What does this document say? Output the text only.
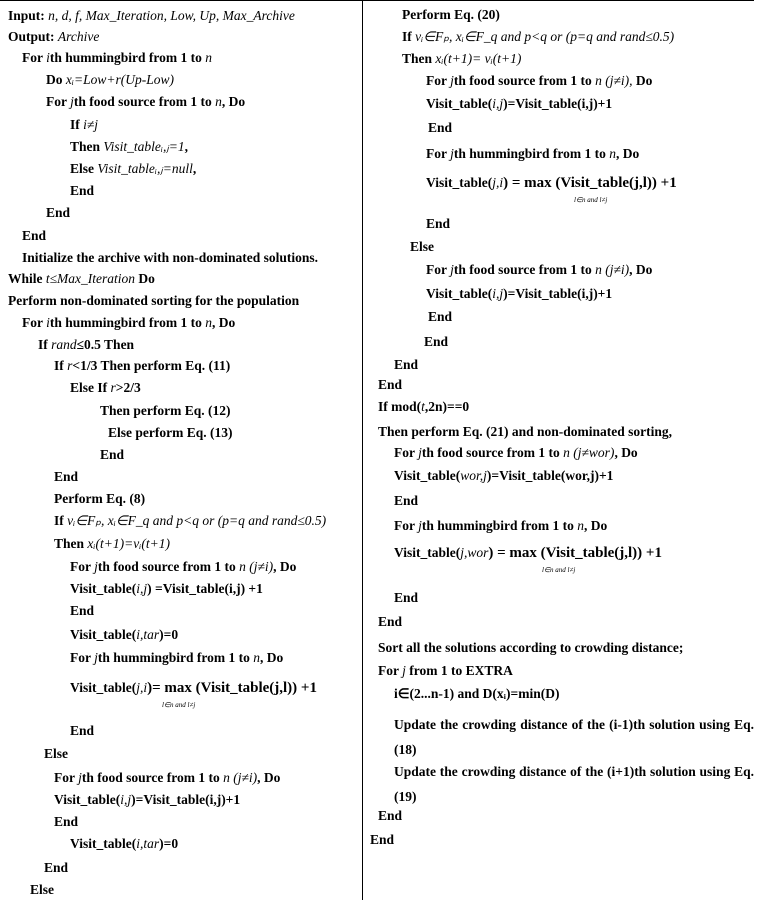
Input: n, d, f, Max_Iteration, Low, Up, Max_Archive
Output: Archive
For ith hummingbird from 1 to n
Do xᵢ=Low+r(Up-Low)
For jth food source from 1 to n, Do
If i≠j
Then Visit_tableᵢ,ⱼ=1,
Else Visit_tableᵢ,ⱼ=null,
End
End
End
Initialize the archive with non-dominated solutions.
While t≤Max_Iteration Do
Perform non-dominated sorting for the population
For ith hummingbird from 1 to n, Do
If rand≤0.5 Then
If r<1/3 Then perform Eq. (11)
Else If r>2/3
Then perform Eq. (12)
Else perform Eq. (13)
End
End
Perform Eq. (8)
If vᵢ∈Fₚ, xᵢ∈F_q and p<q or (p=q and rand≤0.5)
Then xᵢ(t+1)=vᵢ(t+1)
For jth food source from 1 to n (j≠i), Do
Visit_table(i,j) =Visit_table(i,j) +1
End
Visit_table(i,tar)=0
For jth hummingbird from 1 to n, Do
Visit_table(j,i)= max (Visit_table(j,l)) +1
l∈n and l≠j
End
Else
For jth food source from 1 to n (j≠i), Do
Visit_table(i,j)=Visit_table(i,j)+1
End
Visit_table(i,tar)=0
End
Else
Perform Eq. (20)
If vᵢ∈Fₚ, xᵢ∈F_q and p<q or (p=q and rand≤0.5)
Then xᵢ(t+1)= vᵢ(t+1)
For jth food source from 1 to n (j≠i), Do
Visit_table(i,j)=Visit_table(i,j)+1
End
For jth hummingbird from 1 to n, Do
Visit_table(j,i) = max (Visit_table(j,l)) +1
l∈n and l≠j
End
Else
For jth food source from 1 to n (j≠i), Do
Visit_table(i,j)=Visit_table(i,j)+1
End
End
End
End
If mod(t,2n)==0
Then perform Eq. (21) and non-dominated sorting,
For jth food source from 1 to n (j≠wor), Do
Visit_table(wor,j)=Visit_table(wor,j)+1
End
For jth hummingbird from 1 to n, Do
Visit_table(j,wor) = max (Visit_table(j,l)) +1
l∈n and l≠j
End
End
Sort all the solutions according to crowding distance;
For j from 1 to EXTRA
i∈(2...n-1) and D(xᵢ)=min(D)
Update the crowding distance of the (i-1)th solution using Eq. (18)
Update the crowding distance of the (i+1)th solution using Eq. (19)
End
End
